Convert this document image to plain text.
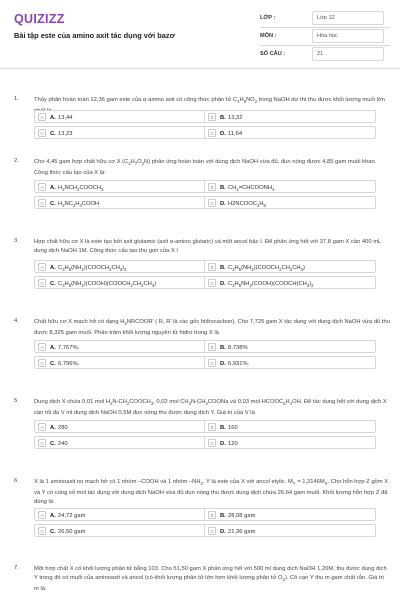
QUIZIZZ
Bài tập este của amino axit tác dụng với bazơ
LỚP :	Lớp 12
MÔN :	Hóa học
SỐ CÂU :	21
1.	Thủy phân hoàn toàn 12,36 gam este của α-amino axit có công thức phân tử $C_4H_9NO_2$ trong NaOH dư thì thu được khối lượng muối lớn
A	A. 13,44	B	B. 13,32
C	C. 13,23	D	D. 11,64
2.	Cho 4,45 gam hợp chất hữu cơ X $(C_3H_7O_2N)$ phản ứng hoàn toàn với dung dịch NaOH vừa đủ, đun nóng được 4,85 gam muối khan. Công thức cấu tạo của X là:
A	A. $H_2NCH_2COOCH_3$	B	B. $CH_2=CHCOONH_4$
C	C. $H_2NC_2H_4COOH$	D	D. $H2NCOOC_2H_5$
3.	Hợp chất hữu cơ X là este tạo bởi axit glutamic (axit α-amino glutaric) và một ancol bậc I. Để phản ứng hết với 37,8 gam X cần 400 mL dung dịch NaOH 1M. Công thức cấu tạo thu gọn của X l
A	A. $C_3H_5(NH_2)(COOCH_2CH_3)_2$	B	B. $C_3H_5(NH_2)(COOCH_2CH_2CH_3)$
C	C. $C_3H_5(NH_2)(COOH)(COOCH_2CH_2CH_3)$	D	D. $C_3H_5NH_2(COOH)(COOCH(CH_3)_2$
4.	Chất hữu cơ X mạch hở có dạng $H_2NRCOOR'$ ( R, R' là các gốc hiđrocacbon). Cho 7,725 gam X tác dụng với dung dịch NaOH vừa đủ thu được 8,325 gam muối. Phần trăm khối lượng nguyên tử hiđro trong X là
A	A. 7,767%.	B	B. 8,738%
C	C. 6,796%.	D	D. 6,931%.
5.	Dung dịch X chứa 0,01 mol $H_2N-CH_2COOCH_3$, 0,02 mol $CH_3N-CH_2COONa$ và 0,03 mol $HCOOC_6H_4OH$. Để tác dụng hết với dung dịch X cần tối đa V ml dung dịch NaOH 0,5M đun nóng thu được dung dịch Y. Giá trị của V là
A	A. 280	B	B. 160
C	C. 240	D	D. 120
6.	X là 1 aminoaxit no mạch hở có 1 nhóm –COOH và 1 nhóm $-NH_2$. Y là este của X với ancol etylic. $M_Y = 1,3146M_X$. Cho hỗn hợp Z gồm X và Y có cùng số mol tác dụng với dung dịch NaOH vừa đủ đun nóng thu được dung dịch chứa 26,64 gam muối. Khối lượng hỗn hợp Z đã dùng là:
A	A. 24,72 gam	B	B. 28,08 gam
C	C. 26,50 gam	D	D. 21,36 gam
7.	Một hợp chất X có khối lượng phân tử bằng 103. Cho 51,50 gam X phản ứng hết với 500 ml dung dịch NaOH 1,20M, thu được dung dịch Y trong đó có muối của aminoaxit và ancol (có khối lượng phân tử lớn hơn khối lượng phân tử $O_2$). Cô cạn Y thu m gam chất rắn. Giá trị m là:
